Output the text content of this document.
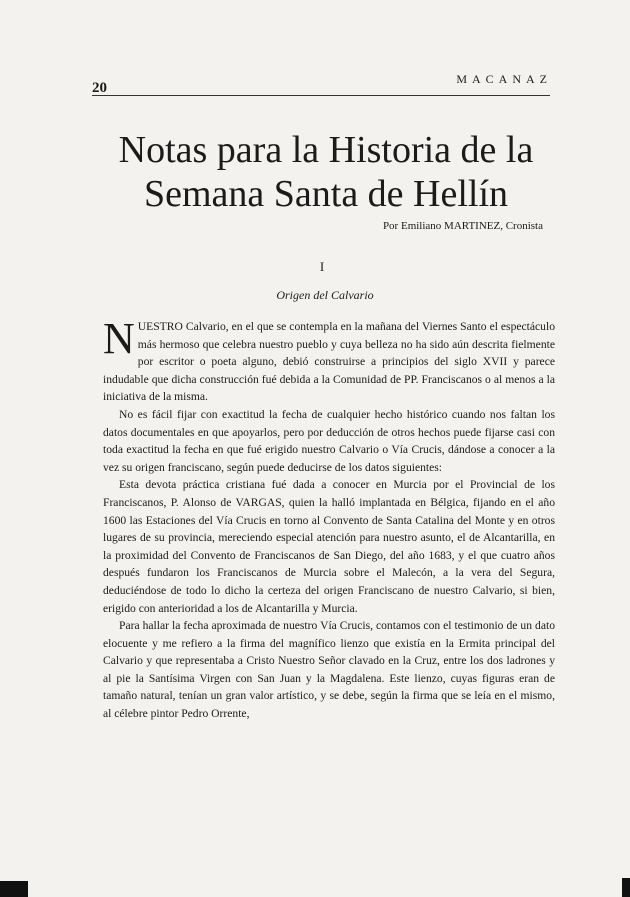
20
MACANAZ
Notas para la Historia de la Semana Santa de Hellín
Por Emiliano MARTINEZ, Cronista
I
Origen del Calvario

N UESTRO Calvario, en el que se contempla en la mañana del Viernes Santo el espectáculo más hermoso que celebra nuestro pueblo y cuya belleza no ha sido aún descrita fielmente por escritor o poeta alguno, debió construirse a principios del siglo XVII y parece indudable que dicha construcción fué debida a la Comunidad de PP. Franciscanos o al menos a la iniciativa de la misma.

No es fácil fijar con exactitud la fecha de cualquier hecho histórico cuando nos faltan los datos documentales en que apoyarlos, pero por deducción de otros hechos puede fijarse casi con toda exactitud la fecha en que fué erigido nuestro Calvario o Vía Crucis, dándose a conocer a la vez su origen franciscano, según puede deducirse de los datos siguientes:

Esta devota práctica cristiana fué dada a conocer en Murcia por el Provincial de los Franciscanos, P. Alonso de VARGAS, quien la halló implantada en Bélgica, fijando en el año 1600 las Estaciones del Vía Crucis en torno al Convento de Santa Catalina del Monte y en otros lugares de su provincia, mereciendo especial atención para nuestro asunto, el de Alcantarilla, en la proximidad del Convento de Franciscanos de San Diego, del año 1683, y el que cuatro años después fundaron los Franciscanos de Murcia sobre el Malecón, a la vera del Segura, deduciéndose de todo lo dicho la certeza del origen Franciscano de nuestro Calvario, si bien, erigido con anterioridad a los de Alcantarilla y Murcia.

Para hallar la fecha aproximada de nuestro Vía Crucis, contamos con el testimonio de un dato elocuente y me refiero a la firma del magnífico lienzo que existía en la Ermita principal del Calvario y que representaba a Cristo Nuestro Señor clavado en la Cruz, entre los dos ladrones y al pie la Santísima Virgen con San Juan y la Magdalena. Este lienzo, cuyas figuras eran de tamaño natural, tenían un gran valor artístico, y se debe, según la firma que se leía en el mismo, al célebre pintor Pedro Orrente,
